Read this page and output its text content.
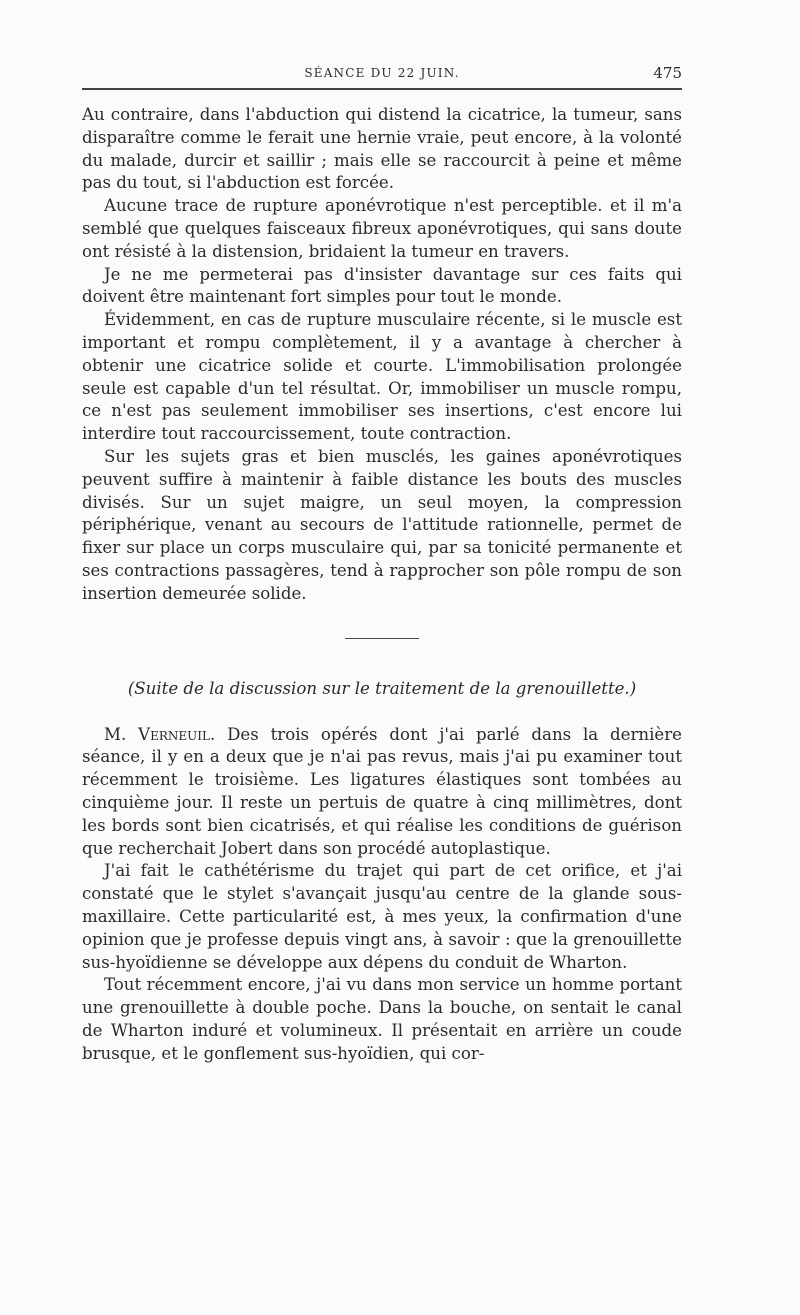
SÉANCE DU 22 JUIN.	475

Au contraire, dans l'abduction qui distend la cicatrice, la tumeur, sans disparaître comme le ferait une hernie vraie, peut encore, à la volonté du malade, durcir et saillir ; mais elle se raccourcit à peine et même pas du tout, si l'abduction est forcée.

Aucune trace de rupture aponévrotique n'est perceptible. et il m'a semblé que quelques faisceaux fibreux aponévrotiques, qui sans doute ont résisté à la distension, bridaient la tumeur en travers.

Je ne me permeterai pas d'insister davantage sur ces faits qui doivent être maintenant fort simples pour tout le monde.

Évidemment, en cas de rupture musculaire récente, si le muscle est important et rompu complètement, il y a avantage à chercher à obtenir une cicatrice solide et courte. L'immobilisation prolongée seule est capable d'un tel résultat. Or, immobiliser un muscle rompu, ce n'est pas seulement immobiliser ses insertions, c'est encore lui interdire tout raccourcissement, toute contraction.

Sur les sujets gras et bien musclés, les gaines aponévrotiques peuvent suffire à maintenir à faible distance les bouts des muscles divisés. Sur un sujet maigre, un seul moyen, la compression périphérique, venant au secours de l'attitude rationnelle, permet de fixer sur place un corps musculaire qui, par sa tonicité permanente et ses contractions passagères, tend à rapprocher son pôle rompu de son insertion demeurée solide.

(Suite de la discussion sur le traitement de la grenouillette.)

M. Verneuil. Des trois opérés dont j'ai parlé dans la dernière séance, il y en a deux que je n'ai pas revus, mais j'ai pu examiner tout récemment le troisième. Les ligatures élastiques sont tombées au cinquième jour. Il reste un pertuis de quatre à cinq millimètres, dont les bords sont bien cicatrisés, et qui réalise les conditions de guérison que recherchait Jobert dans son procédé autoplastique.

J'ai fait le cathétérisme du trajet qui part de cet orifice, et j'ai constaté que le stylet s'avançait jusqu'au centre de la glande sous-maxillaire. Cette particularité est, à mes yeux, la confirmation d'une opinion que je professe depuis vingt ans, à savoir : que la grenouillette sus-hyoïdienne se développe aux dépens du conduit de Wharton.

Tout récemment encore, j'ai vu dans mon service un homme portant une grenouillette à double poche. Dans la bouche, on sentait le canal de Wharton induré et volumineux. Il présentait en arrière un coude brusque, et le gonflement sus-hyoïdien, qui cor-
